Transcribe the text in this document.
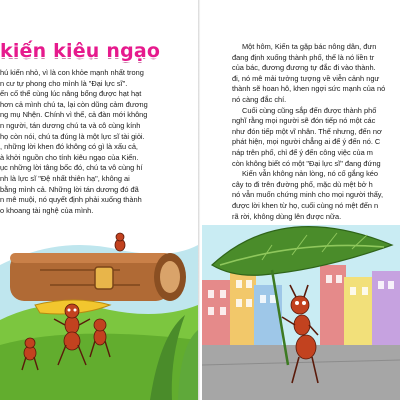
kiến kiêu ngạo
hú kiến nhỏ, vì là con khỏe mạnh nhất trong
n cư tự phong cho mình là "Đại lực sĩ".
ến cố thể cùng lúc nâng bổng được hạt hạt
hơn cả mình chú ta, lại còn dũng cảm đương
ng mụ Nhện. Chính vì thế, cả đàn mới không
n người, tán dương chú ta và cô cùng kính
họ còn nói, chú ta đúng là một lực sĩ tài giỏi.
, những lời khen đó không có gì là xấu cả,
à khởi nguồn cho tính kiêu ngạo của Kiến.
ục những lời tâng bốc đó, chú ta vô cùng hí
nh là lực sĩ "Đệ nhất thiên hạ", không ai
bằng mình cả. Những lời tán dương đó đã
n mê muội, nó quyết định phải xuống thành
o khoang tài nghệ của mình.
Một hôm, Kiến ta gặp bác nông dân, đưn
đang định xuống thành phố, thế là nó liền tr
của bác, đương đương tự đắc đi vào thành.
đi, nó mê mải tưởng tượng về viễn cảnh ngư
thành sẽ hoan hô, khen ngợi sức mạnh của nó
nó càng đắc chí.
Cuối cùng cũng sắp đến được thành phố
nghĩ rằng mọi người sẽ đón tiếp nó một các
như đón tiếp một vĩ nhân. Thế nhưng, đến nơ
phát hiện, mọi người chẳng ai để ý đến nó. C
náp trên phố, chỉ để ý đến công việc của m
còn không biết có một "Đại lực sĩ" đang đứng
Kiến vẫn không nản lòng, nó cố gắng kéo
cây to đi trên đường phố, mặc dù mệt bở h
nó vẫn muốn chứng minh cho mọi người thấy,
được lời khen từ họ, cuối cùng nó mệt đến n
rã rời, không dùng lên được nữa.
